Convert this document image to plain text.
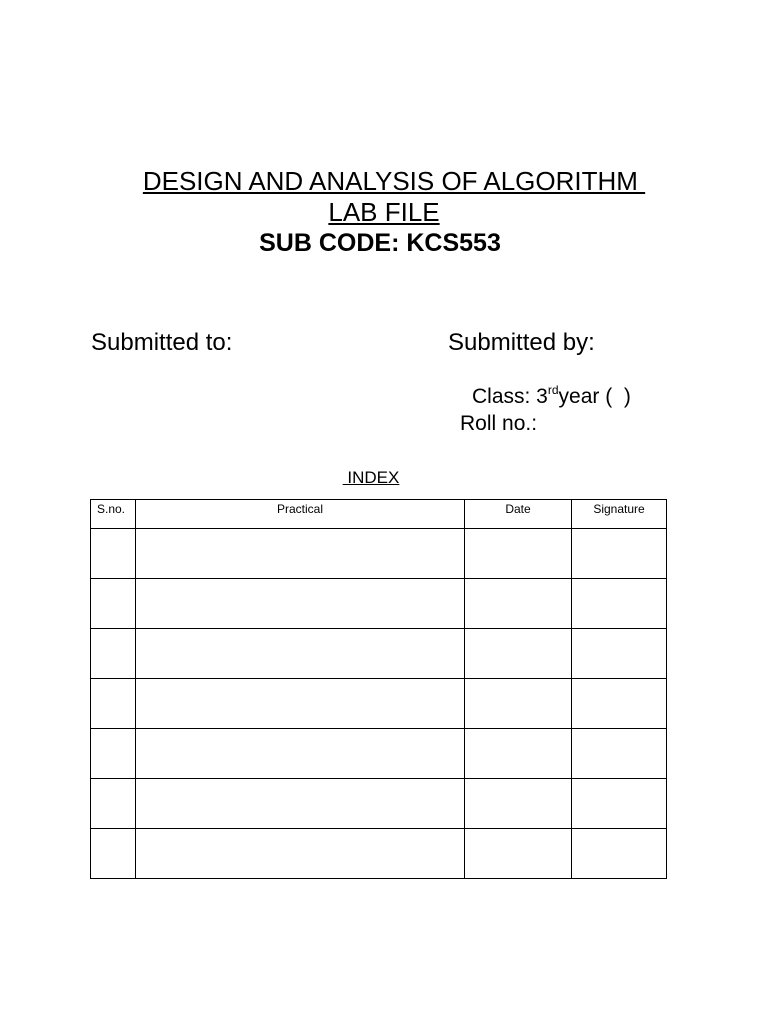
DESIGN AND ANALYSIS OF ALGORITHM
LAB FILE
SUB CODE: KCS553
Submitted to:	Submitted by:
Class: 3rdyear (  )
Roll no.:
INDEX
S.no.	Practical	Date	Signature
